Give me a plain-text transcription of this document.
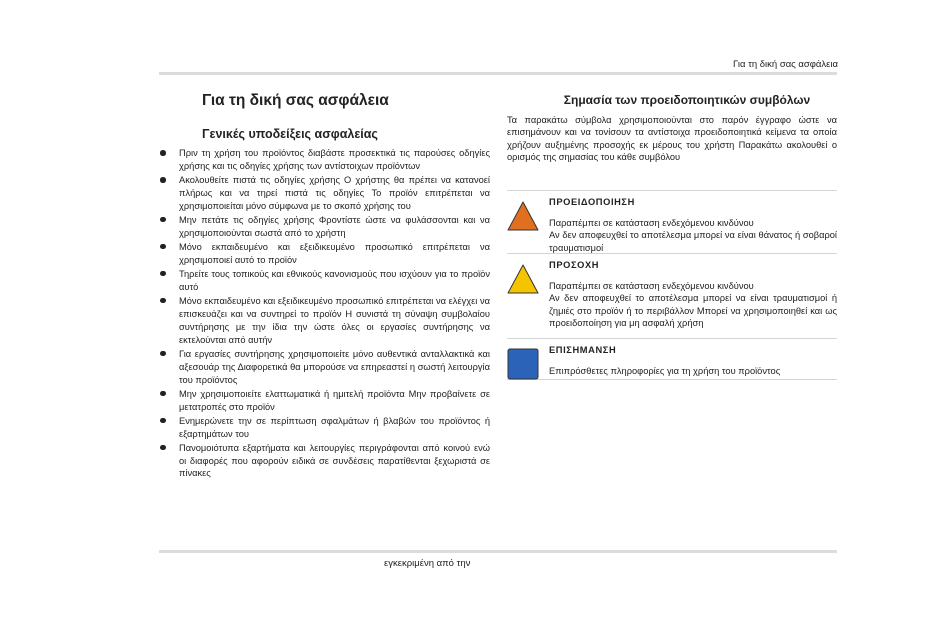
Για τη δική σας ασφάλεια
Για τη δική σας ασφάλεια
Γενικές υποδείξεις ασφαλείας
Πριν τη χρήση του προϊόντος διαβάστε προσεκτικά τις παρούσες οδηγίες χρήσης και τις οδηγίες χρήσης των αντίστοιχων προϊόντων
Ακολουθείτε πιστά τις οδηγίες χρήσης Ο χρήστης θα πρέπει να κατανοεί πλήρως και να τηρεί πιστά τις οδηγίες Το προϊόν επιτρέπεται να χρησιμοποιείται μόνο σύμφωνα με το σκοπό χρήσης του
Μην πετάτε τις οδηγίες χρήσης Φροντίστε ώστε να φυλάσσονται και να χρησιμοποιούνται σωστά από το χρήστη
Μόνο εκπαιδευμένο και εξειδικευμένο προσωπικό επιτρέπεται να χρησιμοποιεί αυτό το προϊόν
Τηρείτε τους τοπικούς και εθνικούς κανονισμούς που ισχύουν για το προϊόν αυτό
Μόνο εκπαιδευμένο και εξειδικευμένο προσωπικό επιτρέπεται να ελέγχει να επισκευάζει και να συντηρεί το προϊόν Η συνιστά τη σύναψη συμβολαίου συντήρησης με την ίδια την ώστε όλες οι εργασίες συντήρησης να εκτελούνται από αυτήν
Για εργασίες συντήρησης χρησιμοποιείτε μόνο αυθεντικά ανταλλακτικά και αξεσουάρ της Διαφορετικά θα μπορούσε να επηρεαστεί η σωστή λειτουργία του προϊόντος
Μην χρησιμοποιείτε ελαττωματικά ή ημιτελή προϊόντα Μην προβαίνετε σε μετατροπές στο προϊόν
Ενημερώνετε την σε περίπτωση σφαλμάτων ή βλαβών του προϊόντος ή εξαρτημάτων του
Πανομοιότυπα εξαρτήματα και λειτουργίες περιγράφονται από κοινού ενώ οι διαφορές που αφορούν ειδικά σε συνδέσεις παρατίθενται ξεχωριστά σε πίνακες
Σημασία των προειδοποιητικών συμβόλων

Τα παρακάτω σύμβολα χρησιμοποιούνται στο παρόν έγγραφο ώστε να επισημάνουν και να τονίσουν τα αντίστοιχα προειδοποιητικά κείμενα τα οποία χρήζουν αυξημένης προσοχής εκ μέρους του χρήστη Παρακάτω ακολουθεί ο ορισμός της σημασίας του κάθε συμβόλου

ΠΡΟΕΙΔΟΠΟΙΗΣΗ
Παραπέμπει σε κατάσταση ενδεχόμενου κινδύνου
Αν δεν αποφευχθεί το αποτέλεσμα μπορεί να είναι θάνατος ή σοβαροί τραυματισμοί
ΠΡΟΣΟΧΗ
Παραπέμπει σε κατάσταση ενδεχόμενου κινδύνου
Αν δεν αποφευχθεί το αποτέλεσμα μπορεί να είναι τραυματισμοί ή ζημιές στο προϊόν ή το περιβάλλον Μπορεί να χρησιμοποιηθεί και ως προειδοποίηση για μη ασφαλή χρήση
ΕΠΙΣΗΜΑΝΣΗ
Επιπρόσθετες πληροφορίες για τη χρήση του προϊόντος
εγκεκριμένη από την
